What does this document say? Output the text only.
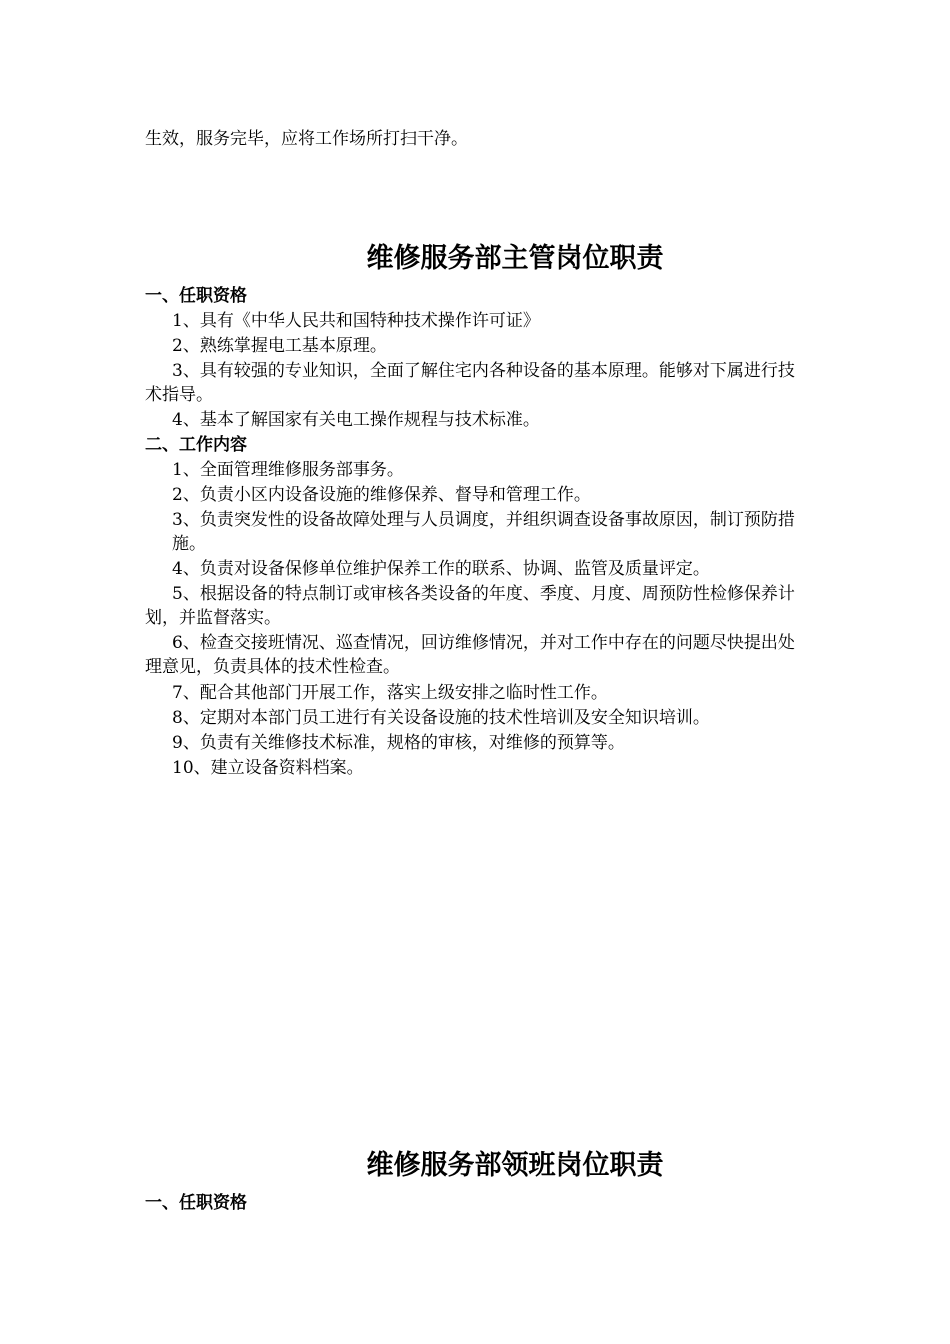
生效，服务完毕，应将工作场所打扫干净。

维修服务部主管岗位职责

一、任职资格

1、具有《中华人民共和国特种技术操作许可证》

2、熟练掌握电工基本原理。

3、具有较强的专业知识，全面了解住宅内各种设备的基本原理。能够对下属进行技术指导。

4、基本了解国家有关电工操作规程与技术标准。

二、工作内容

1、全面管理维修服务部事务。

2、负责小区内设备设施的维修保养、督导和管理工作。

3、负责突发性的设备故障处理与人员调度，并组织调查设备事故原因，制订预防措施。

4、负责对设备保修单位维护保养工作的联系、协调、监管及质量评定。

5、根据设备的特点制订或审核各类设备的年度、季度、月度、周预防性检修保养计划，并监督落实。

6、检查交接班情况、巡查情况，回访维修情况，并对工作中存在的问题尽快提出处理意见，负责具体的技术性检查。

7、配合其他部门开展工作，落实上级安排之临时性工作。

8、定期对本部门员工进行有关设备设施的技术性培训及安全知识培训。

9、负责有关维修技术标准，规格的审核，对维修的预算等。

10、建立设备资料档案。

维修服务部领班岗位职责

一、任职资格
